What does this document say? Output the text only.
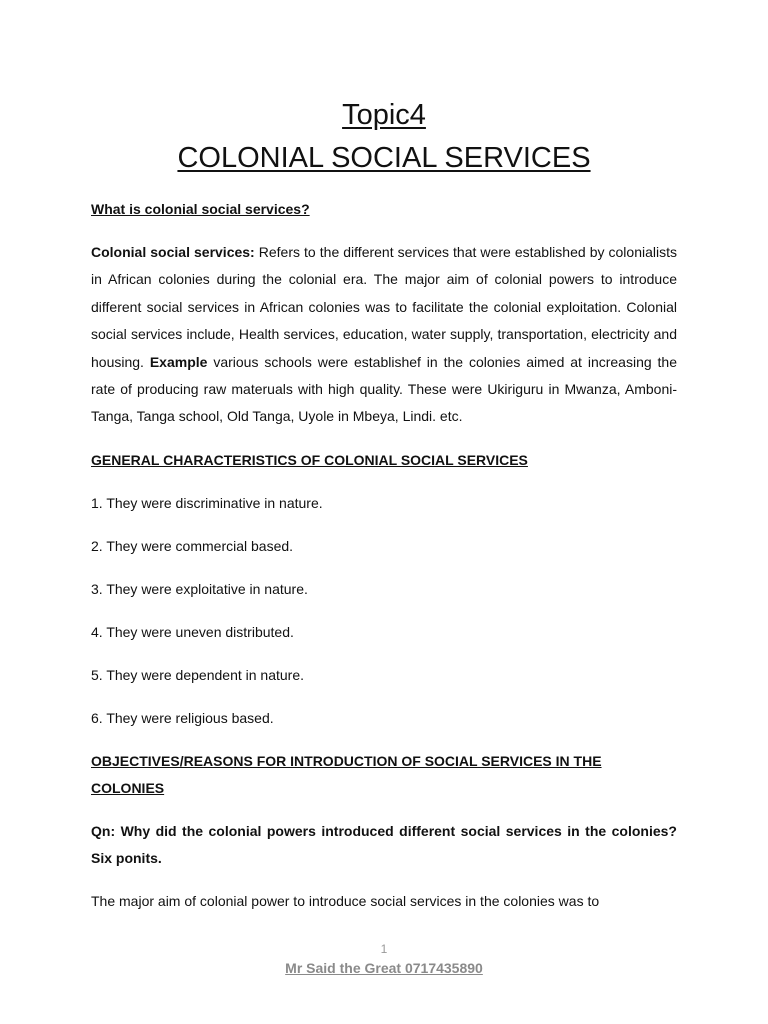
Topic4
COLONIAL SOCIAL SERVICES

What is colonial social services?

Colonial social services: Refers to the different services that were established by colonialists in African colonies during the colonial era. The major aim of colonial powers to introduce different social services in African colonies was to facilitate the colonial exploitation. Colonial social services include, Health services, education, water supply, transportation, electricity and housing. Example various schools were establishef in the colonies aimed at increasing the rate of producing raw materuals with high quality. These were Ukiriguru in Mwanza, Amboni-Tanga, Tanga school, Old Tanga, Uyole in Mbeya, Lindi. etc.

GENERAL CHARACTERISTICS OF COLONIAL SOCIAL SERVICES

1. They were discriminative in nature.
2. They were commercial based.
3. They were exploitative in nature.
4. They were uneven distributed.
5. They were dependent in nature.
6. They were religious based.

OBJECTIVES/REASONS FOR INTRODUCTION OF SOCIAL SERVICES IN THE COLONIES

Qn: Why did the colonial powers introduced different social services in the colonies? Six ponits.

The major aim of colonial power to introduce social services in the colonies was to

1
Mr Said the Great 0717435890
